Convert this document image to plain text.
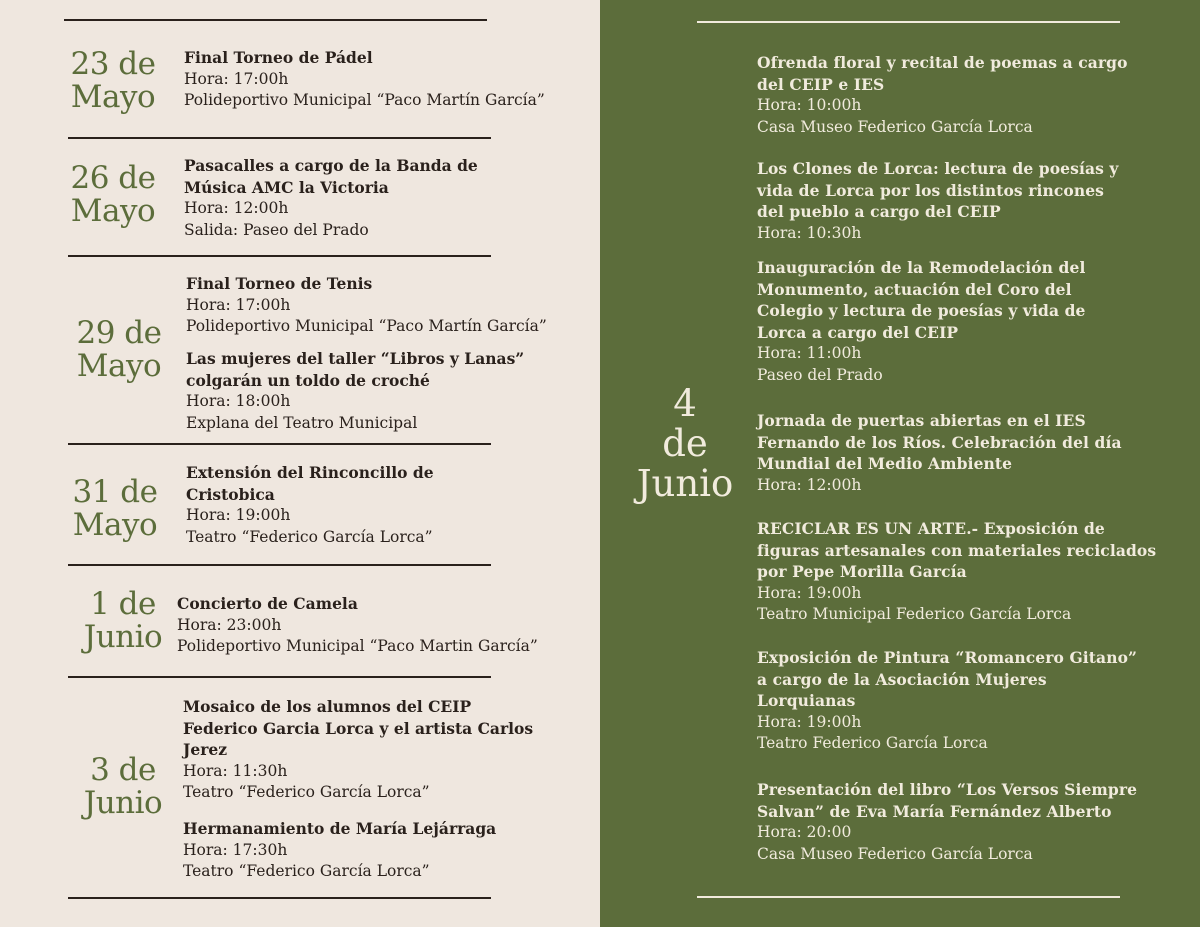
23 de
Mayo
Final Torneo de Pádel
Hora: 17:00h
Polideportivo Municipal “Paco Martín García”
26 de
Mayo
Pasacalles a cargo de la Banda de
Música AMC la Victoria
Hora: 12:00h
Salida: Paseo del Prado
29 de
Mayo
Final Torneo de Tenis
Hora: 17:00h
Polideportivo Municipal “Paco Martín García”
Las mujeres del taller “Libros y Lanas”
colgarán un toldo de croché
Hora: 18:00h
Explana del Teatro Municipal
31 de
Mayo
Extensión del Rinconcillo de
Cristobica
Hora: 19:00h
Teatro “Federico García Lorca”
1 de
Junio
Concierto de Camela
Hora: 23:00h
Polideportivo Municipal “Paco Martin García”
3 de
Junio
Mosaico de los alumnos del CEIP
Federico Garcia Lorca y el artista Carlos
Jerez
Hora: 11:30h
Teatro “Federico García Lorca”
Hermanamiento de María Lejárraga
Hora: 17:30h
Teatro “Federico García Lorca”
4
de
Junio
Ofrenda floral y recital de poemas a cargo
del CEIP e IES
Hora: 10:00h
Casa Museo Federico García Lorca
Los Clones de Lorca: lectura de poesías y
vida de Lorca por los distintos rincones
del pueblo a cargo del CEIP
Hora: 10:30h
Inauguración de la Remodelación del
Monumento, actuación del Coro del
Colegio y lectura de poesías y vida de
Lorca a cargo del CEIP
Hora: 11:00h
Paseo del Prado
Jornada de puertas abiertas en el IES
Fernando de los Ríos. Celebración del día
Mundial del Medio Ambiente
Hora: 12:00h
RECICLAR ES UN ARTE.- Exposición de
figuras artesanales con materiales reciclados
por Pepe Morilla García
Hora: 19:00h
Teatro Municipal Federico García Lorca
Exposición de Pintura “Romancero Gitano”
a cargo de la Asociación Mujeres
Lorquianas
Hora: 19:00h
Teatro Federico García Lorca
Presentación del libro “Los Versos Siempre
Salvan” de Eva María Fernández Alberto
Hora: 20:00
Casa Museo Federico García Lorca
